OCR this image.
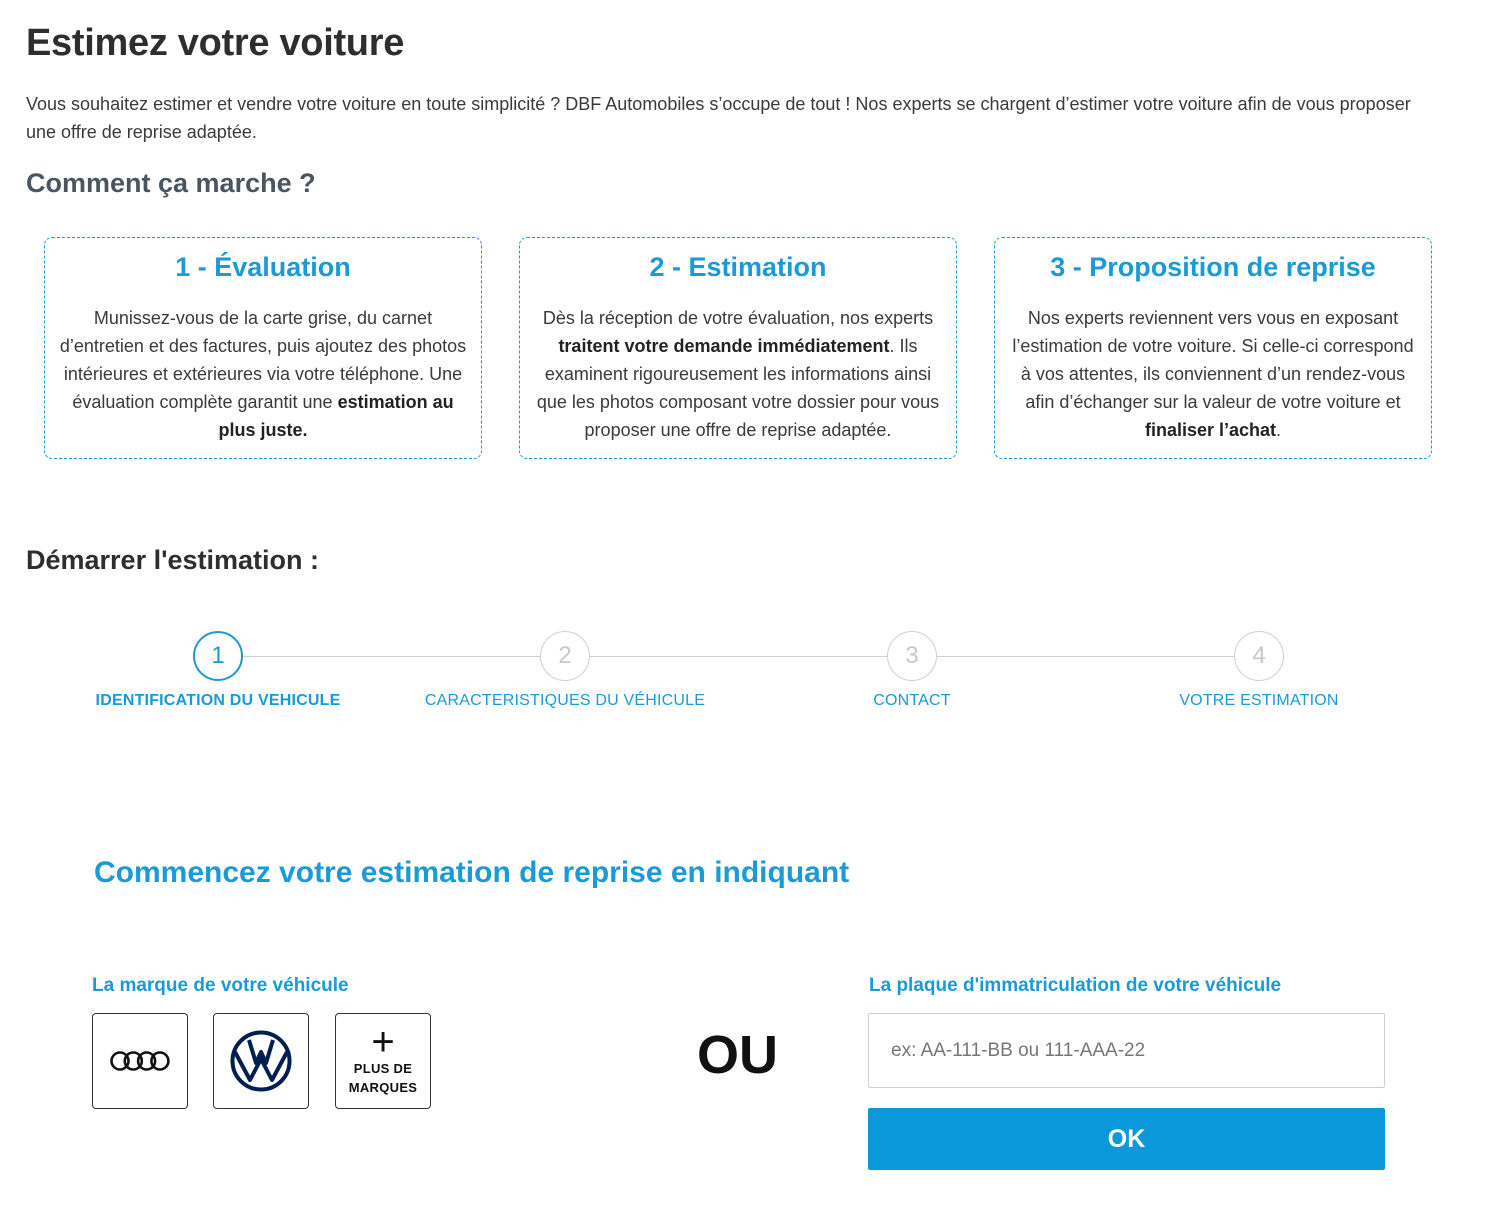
Estimez votre voiture

Vous souhaitez estimer et vendre votre voiture en toute simplicité ? DBF Automobiles s’occupe de tout ! Nos experts se chargent d’estimer votre voiture afin de vous proposer une offre de reprise adaptée.

Comment ça marche ?
1 - Évaluation

Munissez-vous de la carte grise, du carnet d’entretien et des factures, puis ajoutez des photos intérieures et extérieures via votre téléphone. Une évaluation complète garantit une estimation au plus juste.

2 - Estimation

Dès la réception de votre évaluation, nos experts traitent votre demande immédiatement. Ils examinent rigoureusement les informations ainsi que les photos composant votre dossier pour vous proposer une offre de reprise adaptée.

3 - Proposition de reprise

Nos experts reviennent vers vous en exposant l’estimation de votre voiture. Si celle-ci correspond à vos attentes, ils conviennent d’un rendez-vous afin d’échanger sur la valeur de votre voiture et finaliser l’achat.

Démarrer l'estimation :
1	2	3	4
IDENTIFICATION DU VEHICULE	CARACTERISTIQUES DU VÉHICULE	CONTACT	VOTRE ESTIMATION
Commencez votre estimation de reprise en indiquant
La marque de votre véhicule
+
PLUS DE
MARQUES
OU
La plaque d'immatriculation de votre véhicule
ex: AA-111-BB ou 111-AAA-22
OK
